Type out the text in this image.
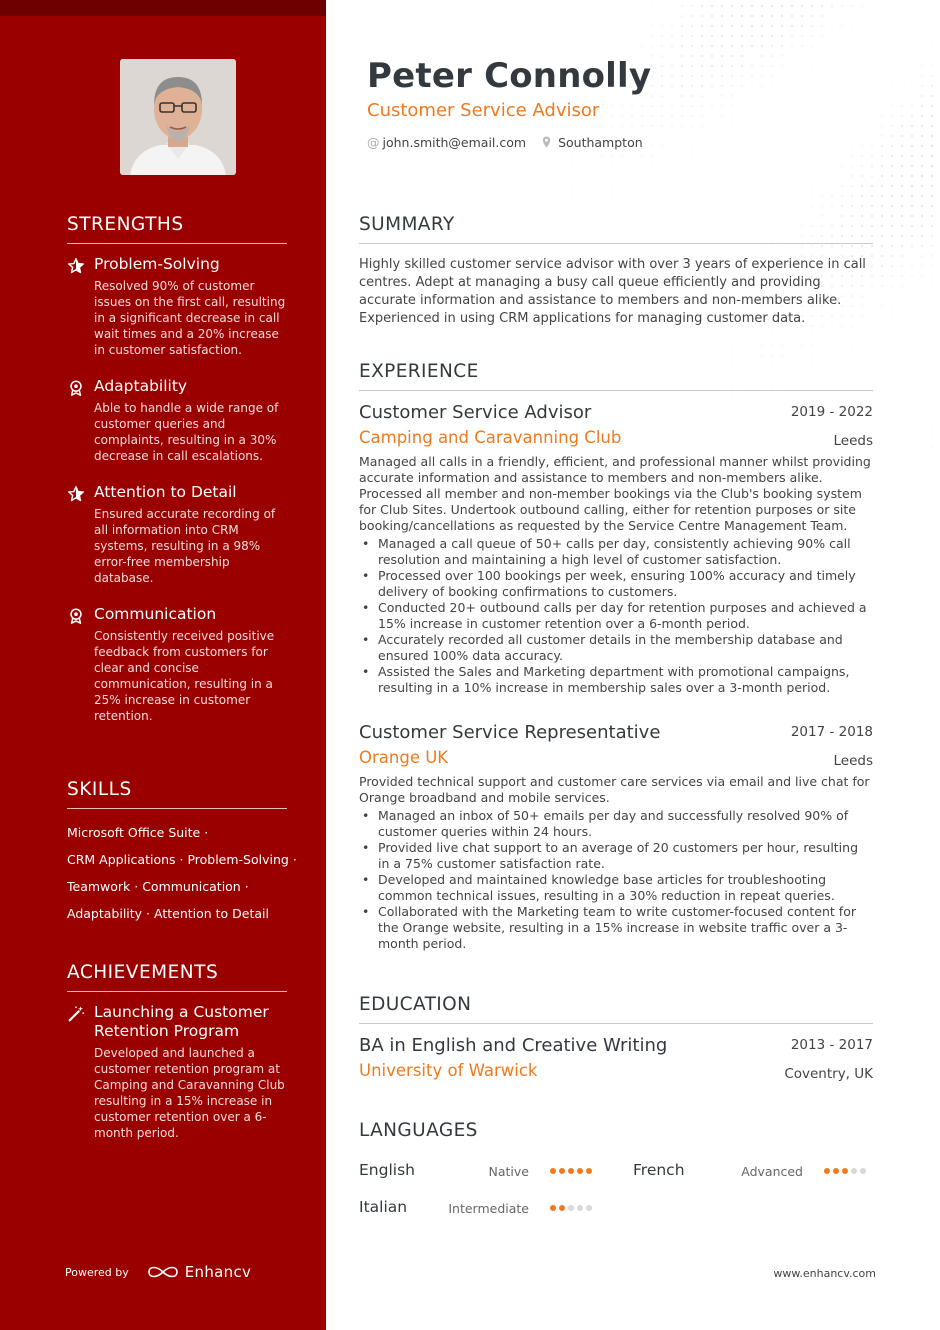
STRENGTHS
Problem-Solving
Resolved 90% of customer issues on the first call, resulting in a significant decrease in call wait times and a 20% increase in customer satisfaction.
Adaptability
Able to handle a wide range of customer queries and complaints, resulting in a 30% decrease in call escalations.
Attention to Detail
Ensured accurate recording of all information into CRM systems, resulting in a 98% error-free membership database.
Communication
Consistently received positive feedback from customers for clear and concise communication, resulting in a 25% increase in customer retention.
SKILLS
Microsoft Office Suite ·
CRM Applications · Problem-Solving ·
Teamwork · Communication ·
Adaptability · Attention to Detail
ACHIEVEMENTS
Launching a Customer Retention Program
Developed and launched a customer retention program at Camping and Caravanning Club resulting in a 15% increase in customer retention over a 6-month period.
Powered by	Enhancv
Peter Connolly
Customer Service Advisor
@ john.smith@email.com	Southampton
SUMMARY
Highly skilled customer service advisor with over 3 years of experience in call centres. Adept at managing a busy call queue efficiently and providing accurate information and assistance to members and non-members alike. Experienced in using CRM applications for managing customer data.
EXPERIENCE
Customer Service Advisor	2019 - 2022
Camping and Caravanning Club	Leeds
Managed all calls in a friendly, efficient, and professional manner whilst providing accurate information and assistance to members and non-members alike. Processed all member and non-member bookings via the Club's booking system for Club Sites. Undertook outbound calling, either for retention purposes or site booking/cancellations as requested by the Service Centre Management Team.
• Managed a call queue of 50+ calls per day, consistently achieving 90% call resolution and maintaining a high level of customer satisfaction.
• Processed over 100 bookings per week, ensuring 100% accuracy and timely delivery of booking confirmations to customers.
• Conducted 20+ outbound calls per day for retention purposes and achieved a 15% increase in customer retention over a 6-month period.
• Accurately recorded all customer details in the membership database and ensured 100% data accuracy.
• Assisted the Sales and Marketing department with promotional campaigns, resulting in a 10% increase in membership sales over a 3-month period.
Customer Service Representative	2017 - 2018
Orange UK	Leeds
Provided technical support and customer care services via email and live chat for Orange broadband and mobile services.
• Managed an inbox of 50+ emails per day and successfully resolved 90% of customer queries within 24 hours.
• Provided live chat support to an average of 20 customers per hour, resulting in a 75% customer satisfaction rate.
• Developed and maintained knowledge base articles for troubleshooting common technical issues, resulting in a 30% reduction in repeat queries.
• Collaborated with the Marketing team to write customer-focused content for the Orange website, resulting in a 15% increase in website traffic over a 3-month period.
EDUCATION
BA in English and Creative Writing	2013 - 2017
University of Warwick	Coventry, UK
LANGUAGES
English	Native	French	Advanced
Italian	Intermediate
www.enhancv.com
